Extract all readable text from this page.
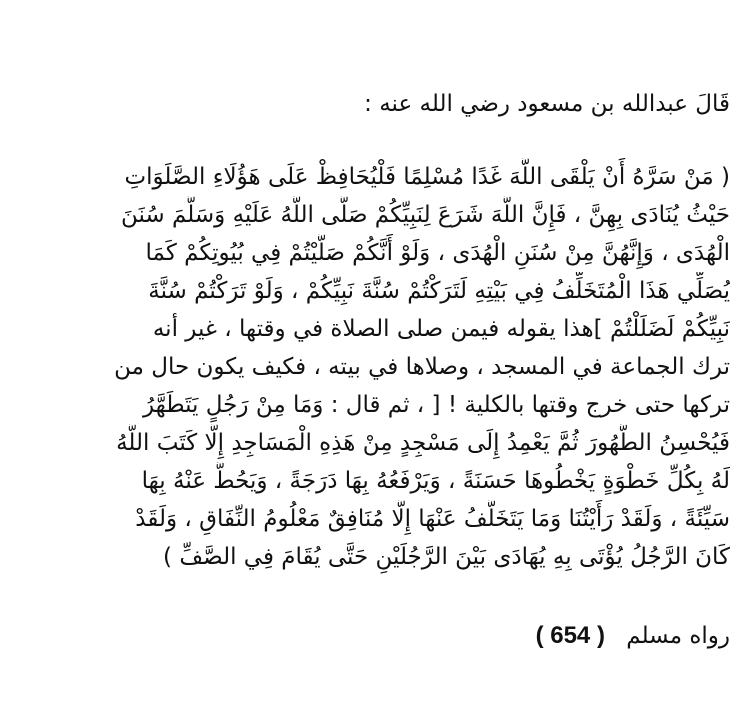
قَالَ عبدالله بن مسعود رضي الله عنه :
( مَنْ سَرَّهُ أَنْ يَلْقَى اللَّهَ غَدًا مُسْلِمًا فَلْيُحَافِظْ عَلَى هَؤُلَاءِ الصَّلَوَاتِ
حَيْثُ يُنَادَى بِهِنَّ ، فَإِنَّ اللَّهَ شَرَعَ لِنَبِيِّكُمْ صَلَّى اللَّهُ عَلَيْهِ وَسَلَّمَ سُنَنَ
الْهُدَى ، وَإِنَّهُنَّ مِنْ سُنَنِ الْهُدَى ، وَلَوْ أَنَّكُمْ صَلَّيْتُمْ فِي بُيُوتِكُمْ كَمَا
يُصَلِّي هَذَا الْمُتَخَلِّفُ فِي بَيْتِهِ لَتَرَكْتُمْ سُنَّةَ نَبِيِّكُمْ ، وَلَوْ تَرَكْتُمْ سُنَّةَ
نَبِيِّكُمْ لَضَلَلْتُمْ ]هذا يقوله فيمن صلى الصلاة في وقتها ، غير أنه
ترك الجماعة في المسجد ، وصلاها في بيته ، فكيف يكون حال من
تركها حتى خرج وقتها بالكلية ! [ ، ثم قال : وَمَا مِنْ رَجُلٍ يَتَطَهَّرُ
فَيُحْسِنُ الطُّهُورَ ثُمَّ يَعْمِدُ إِلَى مَسْجِدٍ مِنْ هَذِهِ الْمَسَاجِدِ إِلَّا كَتَبَ اللَّهُ
لَهُ بِكُلِّ خَطْوَةٍ يَخْطُوهَا حَسَنَةً ، وَيَرْفَعُهُ بِهَا دَرَجَةً ، وَيَحُطُّ عَنْهُ بِهَا
سَيِّئَةً ، وَلَقَدْ رَأَيْتُنَا وَمَا يَتَخَلَّفُ عَنْهَا إِلَّا مُنَافِقٌ مَعْلُومُ النِّفَاقِ ، وَلَقَدْ
كَانَ الرَّجُلُ يُؤْتَى بِهِ يُهَادَى بَيْنَ الرَّجُلَيْنِ حَتَّى يُقَامَ فِي الصَّفِّ )
رواه مسلم ( 654 )
